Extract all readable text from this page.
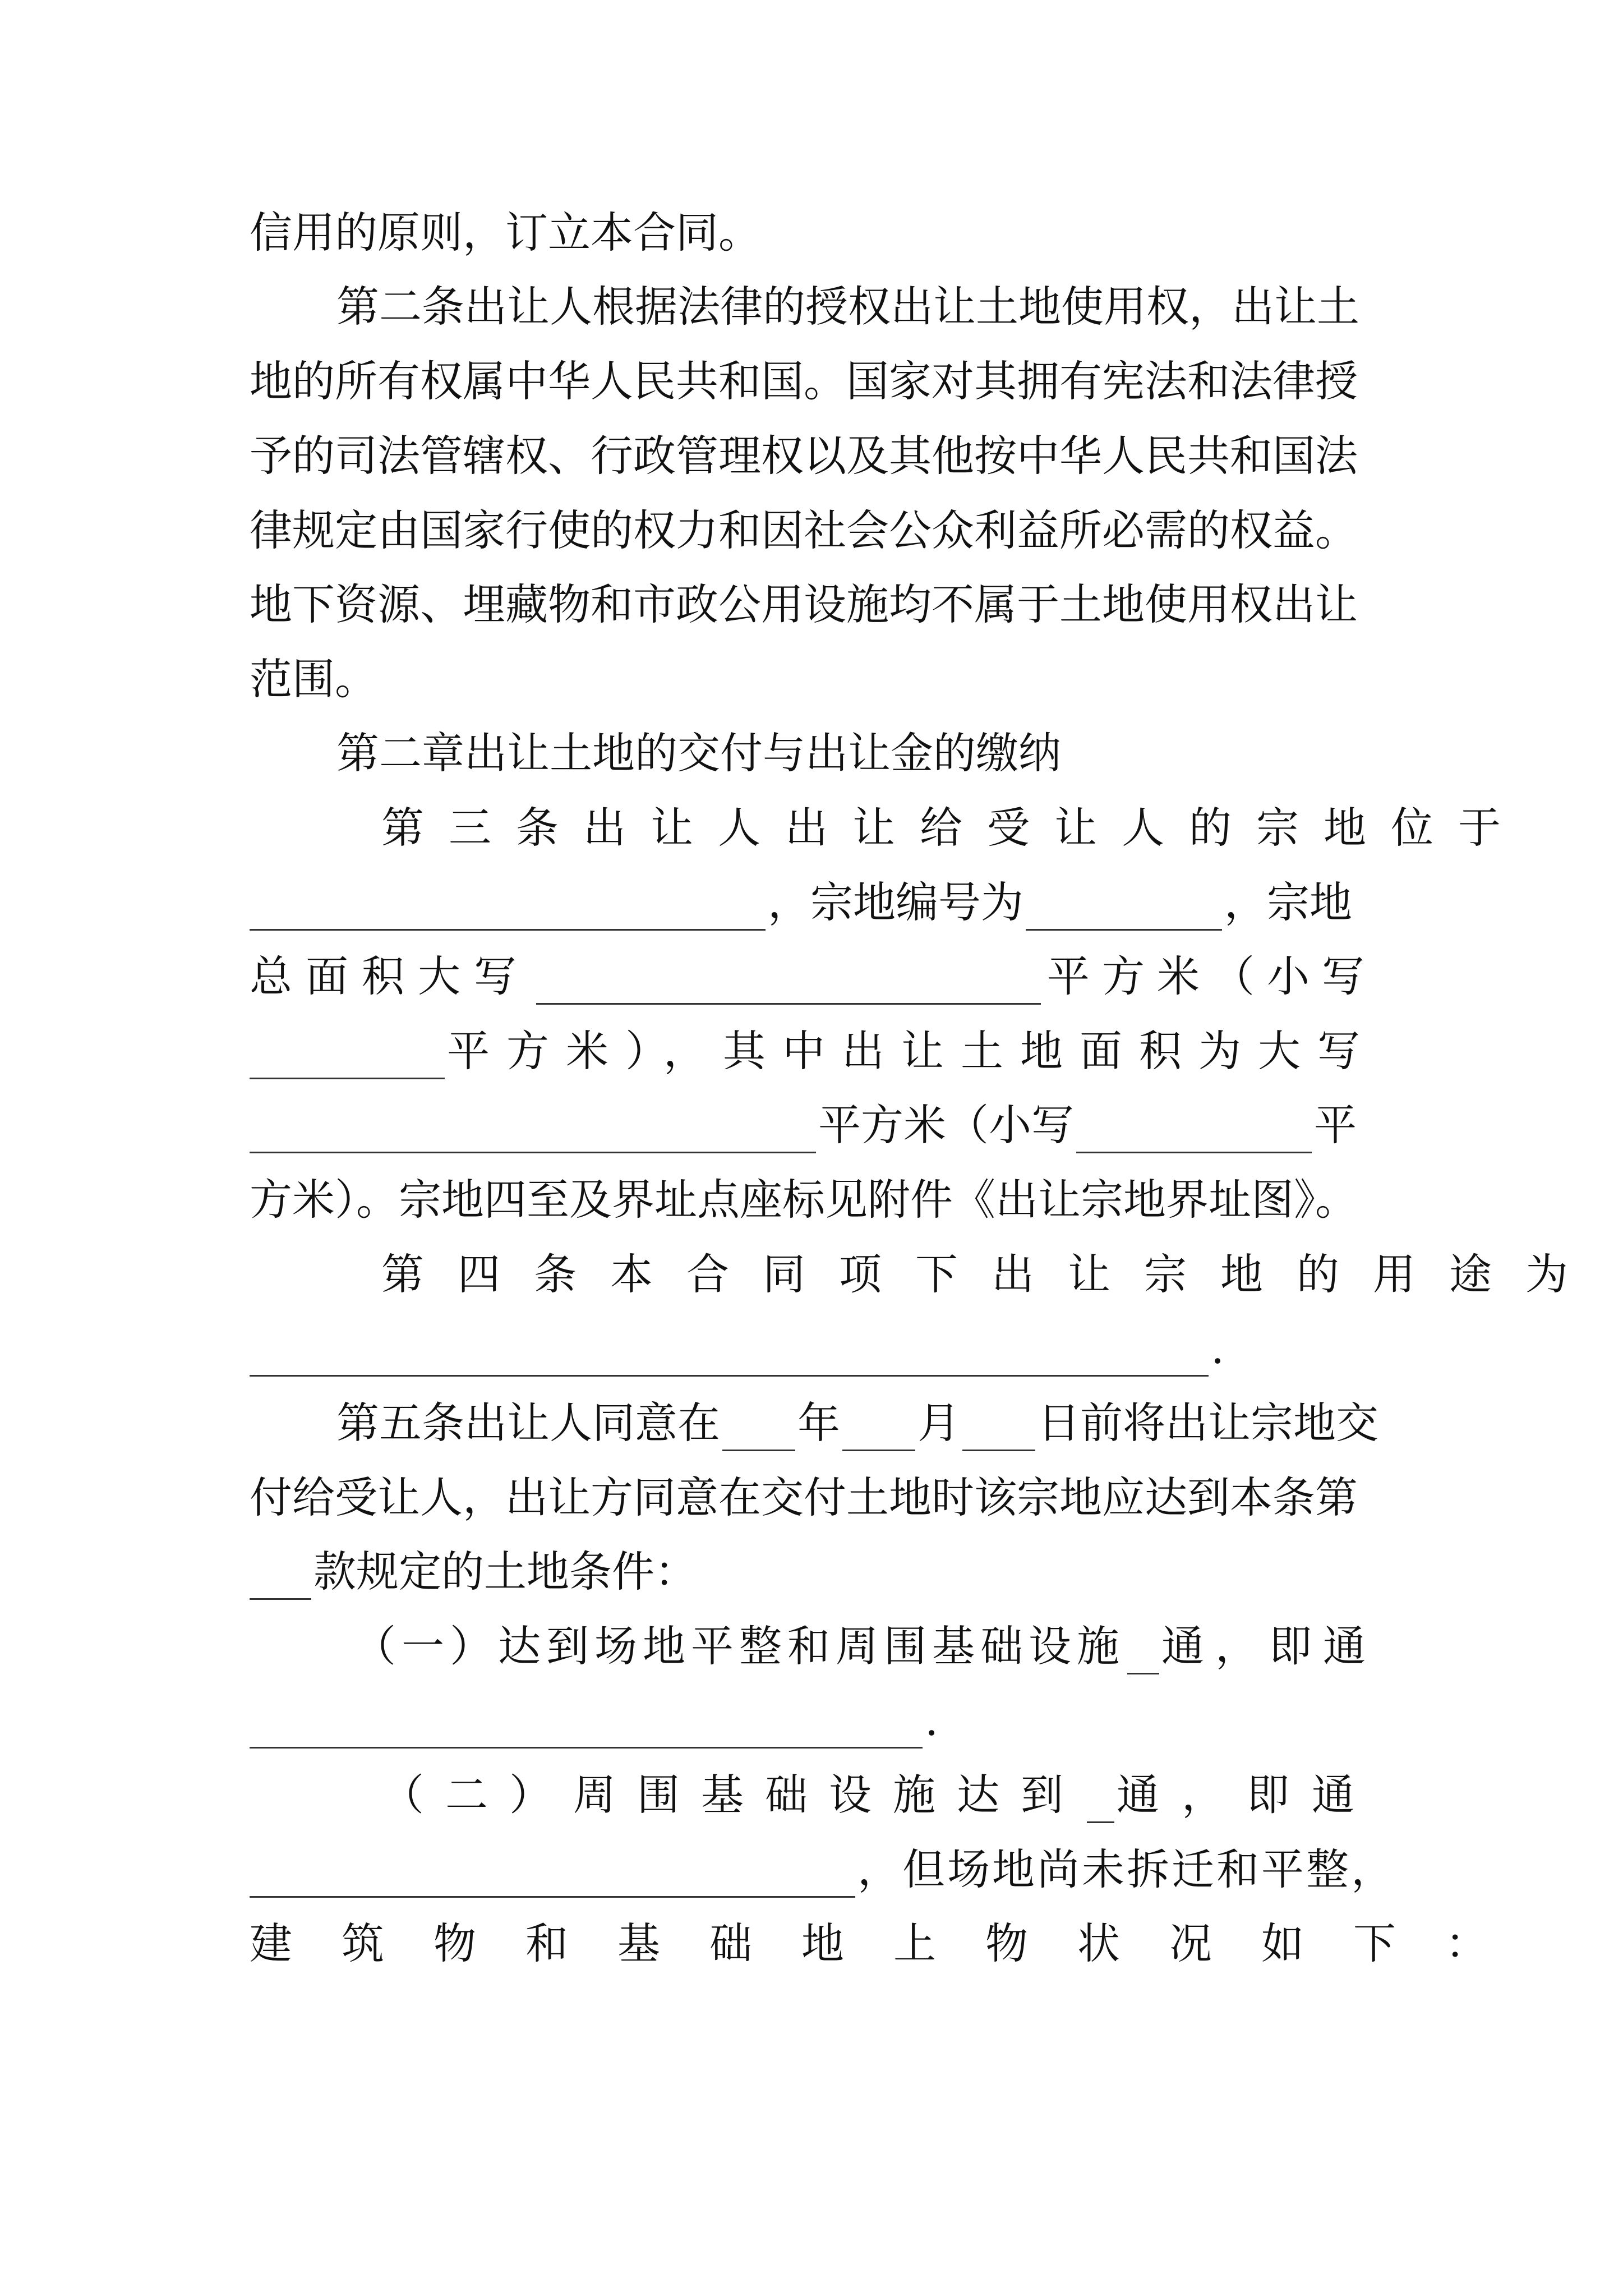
信用的原则，订立本合同。
第二条出让人根据法律的授权出让土地使用权，出让土
地的所有权属中华人民共和国。国家对其拥有宪法和法律授
予的司法管辖权、行政管理权以及其他按中华人民共和国法
律规定由国家行使的权力和因社会公众利益所必需的权益。
地下资源、埋藏物和市政公用设施均不属于土地使用权出让
范围。
第二章出让土地的交付与出让金的缴纳
第三条出让人出让给受让人的宗地位于
，宗地编号为	，宗地
总面积大写	平方米（小写
平方米），其中出让土地面积为大写
平方米（小写	平
方米）。宗地四至及界址点座标见附件《出让宗地界址图》。
第四条本合同项下出让宗地的用途为
.
第五条出让人同意在 年 月 日前将出让宗地交
付给受让人，出让方同意在交付土地时该宗地应达到本条第
款规定的土地条件：
（一）达到场地平整和周围基础设施 通，即通
.
（二）周围基础设施达到 通，即通
，但场地尚未拆迁和平整，
建筑物和基础地上物状况如下：
